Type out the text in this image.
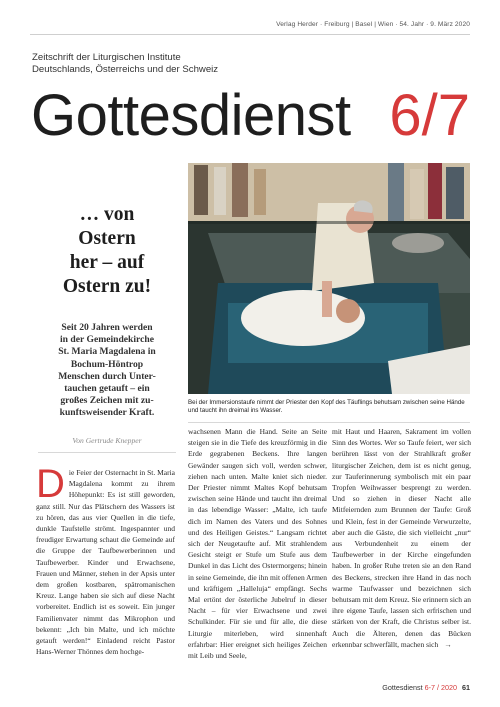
Verlag Herder · Freiburg | Basel | Wien · 54. Jahr · 9. März 2020
Zeitschrift der Liturgischen Institute
Deutschlands, Österreichs und der Schweiz
Gottesdienst 6/7
… von
Ostern
her – auf
Ostern zu!
Seit 20 Jahren werden
in der Gemeindekirche
St. Maria Magdalena in
Bochum-Höntrop
Menschen durch Unter-
tauchen getauft – ein
großes Zeichen mit zu-
kunftsweisender Kraft.
Von Gertrude Knepper
Bei der Immersionstaufe nimmt der Priester den Kopf des Täuflings behutsam zwischen seine Hände und taucht ihn dreimal ins Wasser.

Die Feier der Osternacht in St. Maria Magdalena kommt zu ihrem Höhepunkt: Es ist still geworden, ganz still. Nur das Plätschern des Wassers ist zu hören, das aus vier Quellen in die tiefe, dunkle Taufstelle strömt. Ingespannter und freudiger Erwartung schaut die Gemeinde auf die Gruppe der Taufbewerberinnen und Taufbewerber. Kinder und Erwachsene, Frauen und Männer, stehen in der Apsis unter dem großen kostbaren, spätromanischen Kreuz. Lange haben sie sich auf diese Nacht vorbereitet. Endlich ist es soweit. Ein junger Familienvater nimmt das Mikrophon und bekennt: „Ich bin Malte, und ich möchte getauft werden!“ Einladend reicht Pastor Hans-Werner Thönnes dem hochge-

wachsenen Mann die Hand. Seite an Seite steigen sie in die Tiefe des kreuzförmig in die Erde gegrabenen Beckens. Ihre langen Gewänder saugen sich voll, werden schwer, ziehen nach unten. Malte kniet sich nieder. Der Priester nimmt Maltes Kopf behutsam zwischen seine Hände und taucht ihn dreimal in das lebendige Wasser: „Malte, ich taufe dich im Namen des Vaters und des Sohnes und des Heiligen Geistes.“ Langsam richtet sich der Neugetaufte auf. Mit strahlendem Gesicht steigt er Stufe um Stufe aus dem Dunkel in das Licht des Ostermorgens; hinein in seine Gemeinde, die ihn mit offenen Armen und kräftigem „Halleluja“ empfängt. Sechs Mal ertönt der österliche Jubelruf in dieser Nacht – für vier Erwachsene und zwei Schulkinder. Für sie und für alle, die diese Liturgie miterleben, wird sinnenhaft erfahrbar: Hier ereignet sich heiliges Zeichen mit Leib und Seele,

mit Haut und Haaren, Sakrament im vollen Sinn des Wortes. Wer so Taufe feiert, wer sich berühren lässt von der Strahlkraft großer liturgischer Zeichen, dem ist es nicht genug, zur Tauferinnerung symbolisch mit ein paar Tropfen Weihwasser besprengt zu werden. Und so ziehen in dieser Nacht alle Mitfeiernden zum Brunnen der Taufe: Groß und Klein, fest in der Gemeinde Verwurzelte, aber auch die Gäste, die sich vielleicht „nur“ aus Verbundenheit zu einem der Taufbewerber in der Kirche eingefunden haben. In großer Ruhe treten sie an den Rand des Beckens, strecken ihre Hand in das noch warme Taufwasser und bezeichnen sich behutsam mit dem Kreuz. Sie erinnern sich an ihre eigene Taufe, lassen sich erfrischen und stärken von der Kraft, die Christus selber ist. Auch die Älteren, denen das Bücken erkennbar schwerfällt, machen sich →

Gottesdienst 6-7 / 2020 61
